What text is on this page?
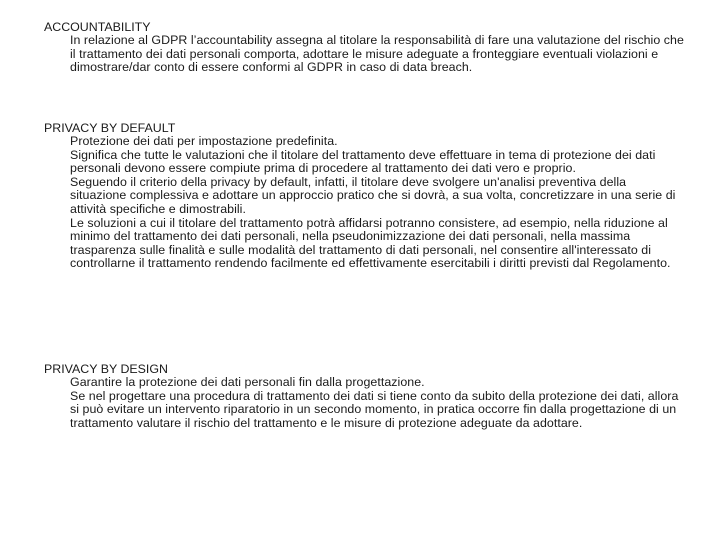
ACCOUNTABILITY

In relazione al GDPR l’accountability assegna al titolare la responsabilità di fare una valutazione del rischio che il trattamento dei dati personali comporta, adottare le misure adeguate a fronteggiare eventuali violazioni e dimostrare/dar conto di essere conformi al GDPR in caso di data breach.

PRIVACY BY DEFAULT

Protezione dei dati per impostazione predefinita.

Significa che tutte le valutazioni che il titolare del trattamento deve effettuare in tema di protezione dei dati personali devono essere compiute prima di procedere al trattamento dei dati vero e proprio.

Seguendo il criterio della privacy by default, infatti, il titolare deve svolgere un'analisi preventiva della situazione complessiva e adottare un approccio pratico che si dovrà, a sua volta, concretizzare in una serie di attività specifiche e dimostrabili.

Le soluzioni a cui il titolare del trattamento potrà affidarsi potranno consistere, ad esempio, nella riduzione al minimo del trattamento dei dati personali, nella pseudonimizzazione dei dati personali, nella massima trasparenza sulle finalità e sulle modalità del trattamento di dati personali, nel consentire all'interessato di controllarne il trattamento rendendo facilmente ed effettivamente esercitabili i diritti previsti dal Regolamento.

PRIVACY BY DESIGN

Garantire la protezione dei dati personali fin dalla progettazione.

Se nel progettare una procedura di trattamento dei dati si tiene conto da subito della protezione dei dati, allora si può evitare un intervento riparatorio in un secondo momento, in pratica occorre fin dalla progettazione di un trattamento valutare il rischio del trattamento e le misure di protezione adeguate da adottare.
